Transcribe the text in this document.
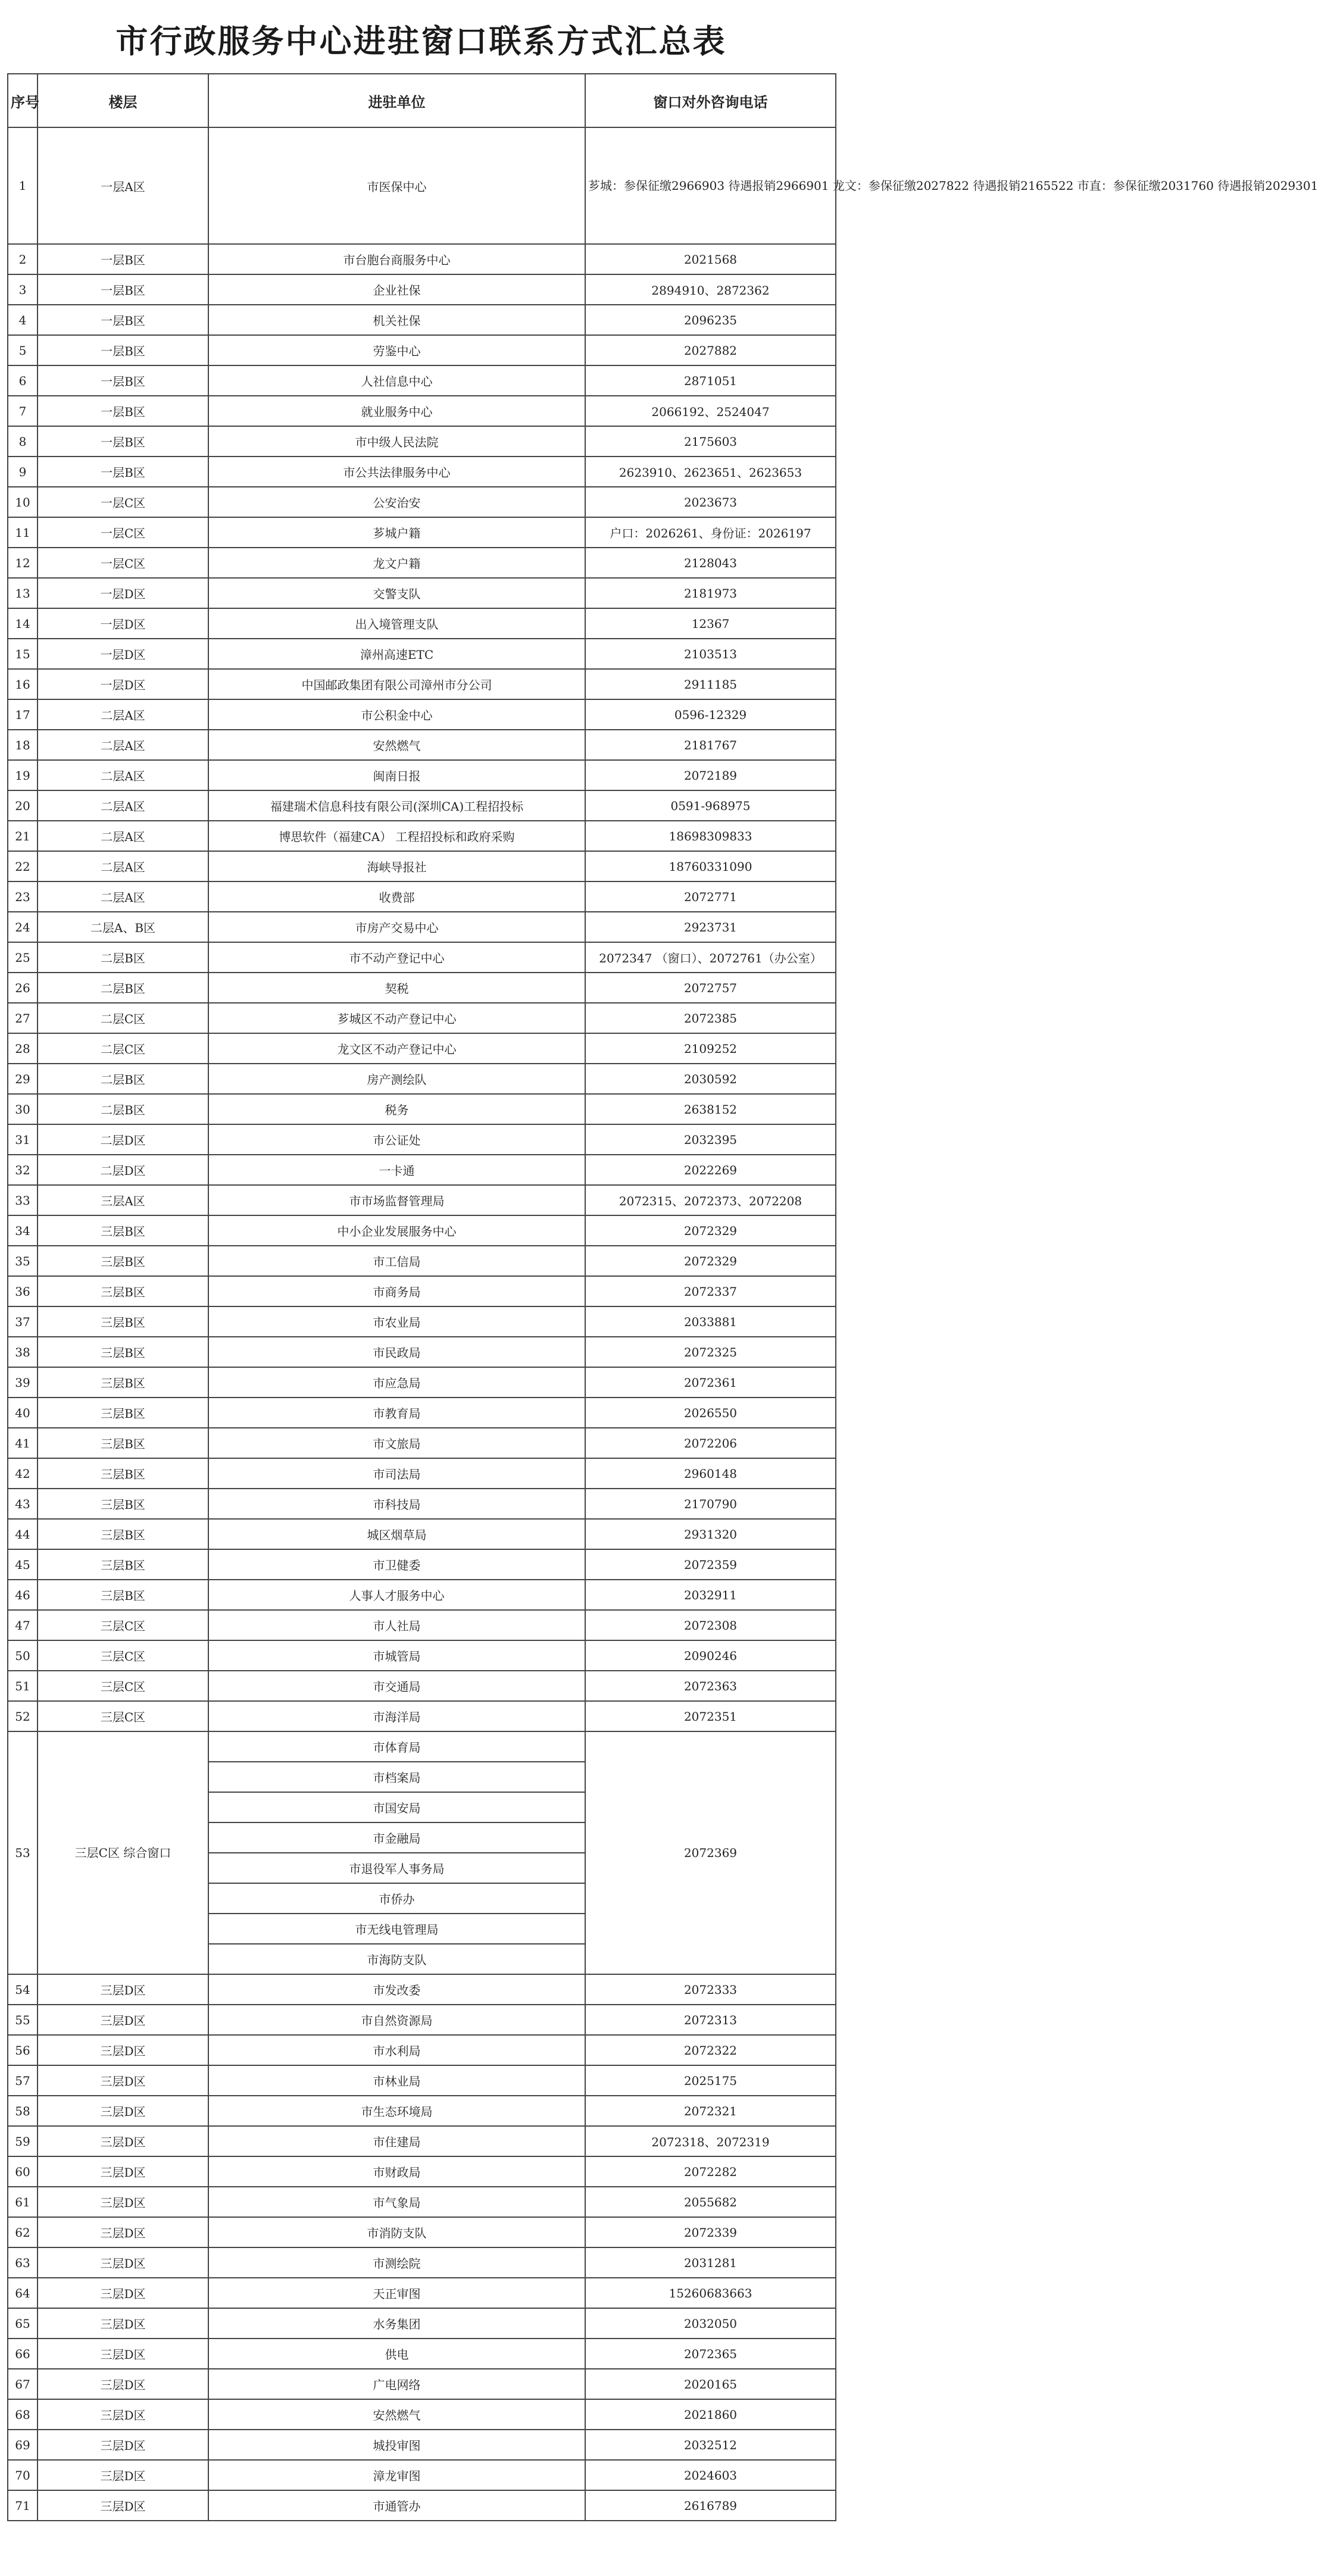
市行政服务中心进驻窗口联系方式汇总表
序号	楼层	进驻单位	窗口对外咨询电话
1	一层A区	市医保中心	芗城：参保征缴2966903 待遇报销2966901 龙文：参保征缴2027822 待遇报销2165522 市直：参保征缴2031760 待遇报销2029301
2	一层B区	市台胞台商服务中心	2021568
3	一层B区	企业社保	2894910、2872362
4	一层B区	机关社保	2096235
5	一层B区	劳鉴中心	2027882
6	一层B区	人社信息中心	2871051
7	一层B区	就业服务中心	2066192、2524047
8	一层B区	市中级人民法院	2175603
9	一层B区	市公共法律服务中心	2623910、2623651、2623653
10	一层C区	公安治安	2023673
11	一层C区	芗城户籍	户口：2026261、身份证：2026197
12	一层C区	龙文户籍	2128043
13	一层D区	交警支队	2181973
14	一层D区	出入境管理支队	12367
15	一层D区	漳州高速ETC	2103513
16	一层D区	中国邮政集团有限公司漳州市分公司	2911185
17	二层A区	市公积金中心	0596-12329
18	二层A区	安然燃气	2181767
19	二层A区	闽南日报	2072189
20	二层A区	福建瑞术信息科技有限公司(深圳CA)工程招投标	0591-968975
21	二层A区	博思软件（福建CA） 工程招投标和政府采购	18698309833
22	二层A区	海峡导报社	18760331090
23	二层A区	收费部	2072771
24	二层A、B区	市房产交易中心	2923731
25	二层B区	市不动产登记中心	2072347 （窗口）、2072761（办公室）
26	二层B区	契税	2072757
27	二层C区	芗城区不动产登记中心	2072385
28	二层C区	龙文区不动产登记中心	2109252
29	二层B区	房产测绘队	2030592
30	二层B区	税务	2638152
31	二层D区	市公证处	2032395
32	二层D区	一卡通	2022269
33	三层A区	市市场监督管理局	2072315、2072373、2072208
34	三层B区	中小企业发展服务中心	2072329
35	三层B区	市工信局	2072329
36	三层B区	市商务局	2072337
37	三层B区	市农业局	2033881
38	三层B区	市民政局	2072325
39	三层B区	市应急局	2072361
40	三层B区	市教育局	2026550
41	三层B区	市文旅局	2072206
42	三层B区	市司法局	2960148
43	三层B区	市科技局	2170790
44	三层B区	城区烟草局	2931320
45	三层B区	市卫健委	2072359
46	三层B区	人事人才服务中心	2032911
47	三层C区	市人社局	2072308
50	三层C区	市城管局	2090246
51	三层C区	市交通局	2072363
52	三层C区	市海洋局	2072351
53	三层C区 综合窗口	市体育局	2072369
		市档案局	
		市国安局	
		市金融局	
		市退役军人事务局	
		市侨办	
		市无线电管理局	
		市海防支队	
54	三层D区	市发改委	2072333
55	三层D区	市自然资源局	2072313
56	三层D区	市水利局	2072322
57	三层D区	市林业局	2025175
58	三层D区	市生态环境局	2072321
59	三层D区	市住建局	2072318、2072319
60	三层D区	市财政局	2072282
61	三层D区	市气象局	2055682
62	三层D区	市消防支队	2072339
63	三层D区	市测绘院	2031281
64	三层D区	天正审图	15260683663
65	三层D区	水务集团	2032050
66	三层D区	供电	2072365
67	三层D区	广电网络	2020165
68	三层D区	安然燃气	2021860
69	三层D区	城投审图	2032512
70	三层D区	漳龙审图	2024603
71	三层D区	市通管办	2616789
